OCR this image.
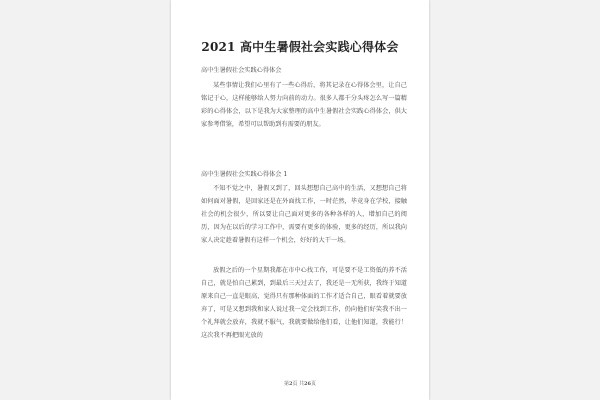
2021 高中生暑假社会实践心得体会
高中生暑假社会实践心得体会
某些事情让我们心里有了一些心得后，将其记录在心得体会里，让自己铭记于心，这样能够给人努力向前的动力。很多人都千分头疼怎么写一篇精彩的心得体会，以下是我为大家整理的高中生暑假社会实践心得体会，供大家参考借鉴，希望可以帮助到有需要的朋友。
高中生暑假社会实践心得体会 1
不知不觉之中，暑假又到了，回头想想自己高中的生活，又想想自己将如何面对暑假，是回家还是在外面找工作，一时茫然，毕竟身在学校，接触社会的机会很少，所以要让自己面对更多的各种各样的人，增加自己的阅历，因为在以后的学习工作中，需要有更多的体验，更多的经历，所以我向家人决定趁着暑假有这样一个机会，好好的大干一场。
放假之后的一个星期我都在市中心找工作，可是要不是工资低的养不活自己，就是怕自己累到，到最后三天过去了，我还是一无所获，我终于知道原来自己一直是眼高，觉得只有那种体面的工作才适合自己，眼看着就要放弃了，可是又想到我和家人说过我一定会找到工作，仍向他们好笑我不出一个礼拜就会放弃，我就不服气，我就要做给他们看，让他们知道，我能行！这次我不再把眼光放的
第2页 共26页
